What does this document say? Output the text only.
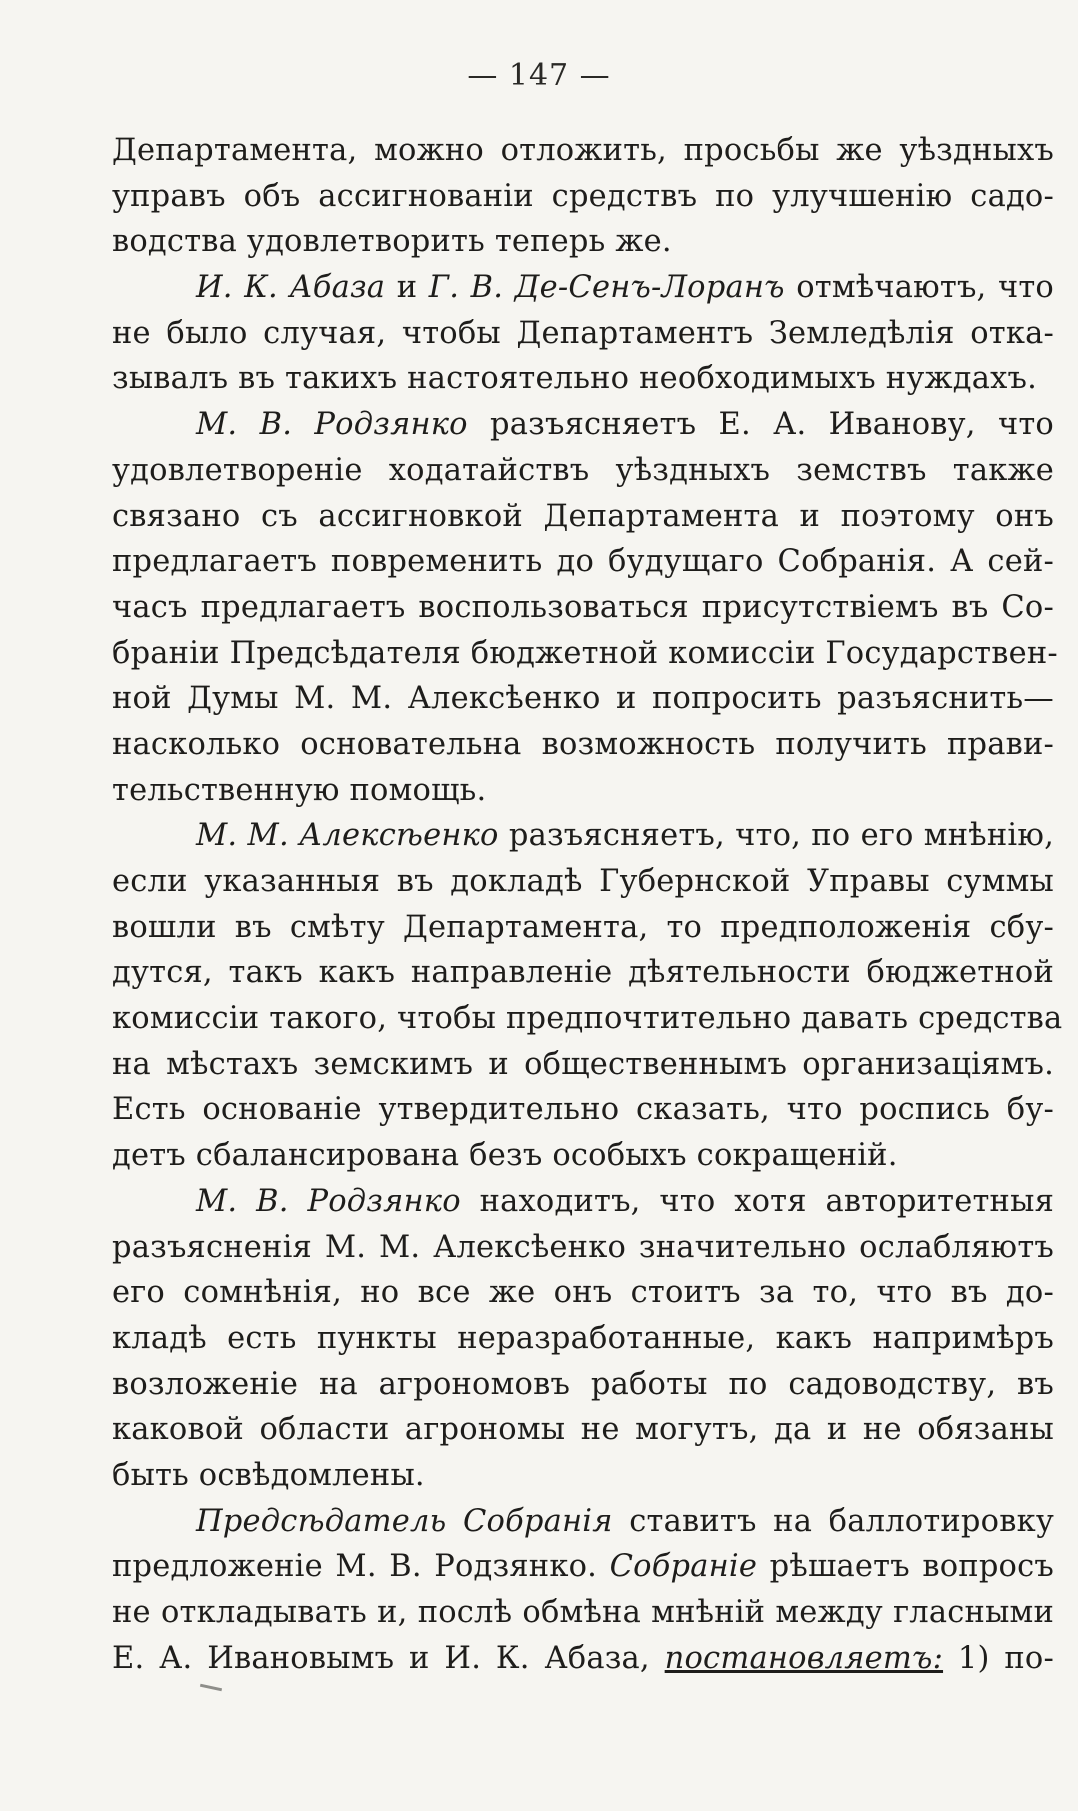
— 147 —
Департамента, можно отложить, просьбы же уѣздныхъ
управъ объ ассигнованіи средствъ по улучшенію садо-
водства удовлетворить теперь же.
И. К. Абаза и Г. В. Де-Сенъ-Лоранъ отмѣчаютъ, что
не было случая, чтобы Департаментъ Земледѣлія отка-
зывалъ въ такихъ настоятельно необходимыхъ нуждахъ.
М. В. Родзянко разъясняетъ Е. А. Иванову, что
удовлетвореніе ходатайствъ уѣздныхъ земствъ также
связано съ ассигновкой Департамента и поэтому онъ
предлагаетъ повременить до будущаго Собранія. А сей-
часъ предлагаетъ воспользоваться присутствіемъ въ Со-
браніи Предсѣдателя бюджетной комиссіи Государствен-
ной Думы М. М. Алексѣенко и попросить разъяснить—
насколько основательна возможность получить прави-
тельственную помощь.
М. М. Алексѣенко разъясняетъ, что, по его мнѣнію,
если указанныя въ докладѣ Губернской Управы суммы
вошли въ смѣту Департамента, то предположенія сбу-
дутся, такъ какъ направленіе дѣятельности бюджетной
комиссіи такого, чтобы предпочтительно давать средства
на мѣстахъ земскимъ и общественнымъ организаціямъ.
Есть основаніе утвердительно сказать, что роспись бу-
детъ сбалансирована безъ особыхъ сокращеній.
М. В. Родзянко находитъ, что хотя авторитетныя
разъясненія М. М. Алексѣенко значительно ослабляютъ
его сомнѣнія, но все же онъ стоитъ за то, что въ до-
кладѣ есть пункты неразработанные, какъ напримѣръ
возложеніе на агрономовъ работы по садоводству, въ
каковой области агрономы не могутъ, да и не обязаны
быть освѣдомлены.
Предсѣдатель Собранія ставитъ на баллотировку
предложеніе М. В. Родзянко. Собраніе рѣшаетъ вопросъ
не откладывать и, послѣ обмѣна мнѣній между гласными
Е. А. Ивановымъ и И. К. Абаза, постановляетъ: 1) по-
